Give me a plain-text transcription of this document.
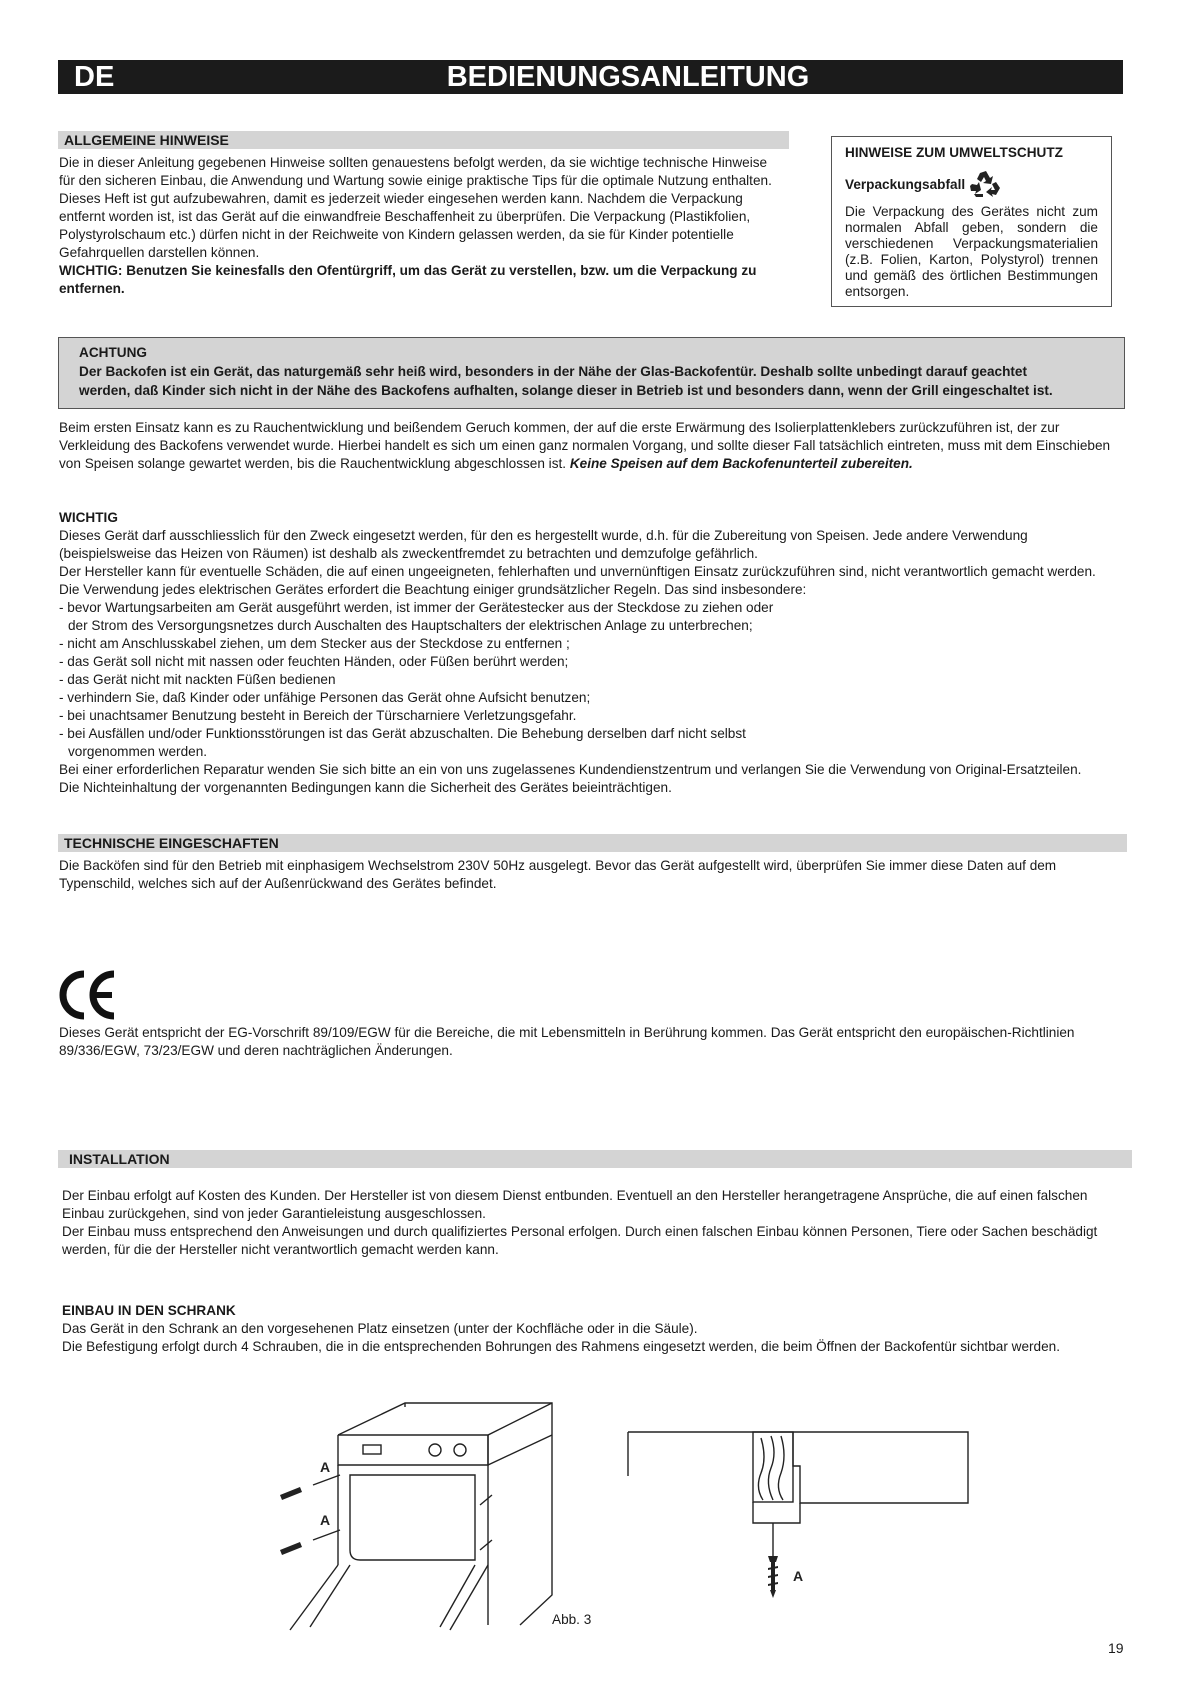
DE	BEDIENUNGSANLEITUNG
ALLGEMEINE HINWEISE

Die in dieser Anleitung gegebenen Hinweise sollten genauestens befolgt werden, da sie wichtige technische Hinweise

für den sicheren Einbau, die Anwendung und Wartung sowie einige praktische Tips für die optimale Nutzung enthalten.

Dieses Heft ist gut aufzubewahren, damit es jederzeit wieder eingesehen werden kann. Nachdem die Verpackung

entfernt worden ist, ist das Gerät auf die einwandfreie Beschaffenheit zu überprüfen. Die Verpackung (Plastikfolien,

Polystyrolschaum etc.) dürfen nicht in der Reichweite von Kindern gelassen werden, da sie für Kinder potentielle

Gefahrquellen darstellen können.

WICHTIG: Benutzen Sie keinesfalls den Ofentürgriff, um das Gerät zu verstellen, bzw. um die Verpackung zu

entfernen.

HINWEISE ZUM UMWELTSCHUTZ
Verpackungsabfall
Die Verpackung des Gerätes nicht zum normalen Abfall geben, sondern die verschiedenen Verpackungsmaterialien (z.B. Folien, Karton, Polystyrol) trennen und gemäß des örtlichen Bestimmungen entsorgen.
ACHTUNG
Der Backofen ist ein Gerät, das naturgemäß sehr heiß wird, besonders in der Nähe der Glas-Backofentür. Deshalb sollte unbedingt darauf geachtet
werden, daß Kinder sich nicht in der Nähe des Backofens aufhalten, solange dieser in Betrieb ist und besonders dann, wenn der Grill eingeschaltet ist.

Beim ersten Einsatz kann es zu Rauchentwicklung und beißendem Geruch kommen, der auf die erste Erwärmung des Isolierplattenklebers zurückzuführen ist, der zur

Verkleidung des Backofens verwendet wurde. Hierbei handelt es sich um einen ganz normalen Vorgang, und sollte dieser Fall tatsächlich eintreten, muss mit dem Einschieben

von Speisen solange gewartet werden, bis die Rauchentwicklung abgeschlossen ist. Keine Speisen auf dem Backofenunterteil zubereiten.

WICHTIG

Dieses Gerät darf ausschliesslich für den Zweck eingesetzt werden, für den es hergestellt wurde, d.h. für die Zubereitung von Speisen. Jede andere Verwendung

(beispielsweise das Heizen von Räumen) ist deshalb als zweckentfremdet zu betrachten und demzufolge gefährlich.

Der Hersteller kann für eventuelle Schäden, die auf einen ungeeigneten, fehlerhaften und unvernünftigen Einsatz zurückzuführen sind, nicht verantwortlich gemacht werden.

Die Verwendung jedes elektrischen Gerätes erfordert die Beachtung einiger grundsätzlicher Regeln. Das sind insbesondere:

- bevor Wartungsarbeiten am Gerät ausgeführt werden, ist immer der Gerätestecker aus der Steckdose zu ziehen oder

der Strom des Versorgungsnetzes durch Auschalten des Hauptschalters der elektrischen Anlage zu unterbrechen;

- nicht am Anschlusskabel ziehen, um dem Stecker aus der Steckdose zu entfernen ;

- das Gerät soll nicht mit nassen oder feuchten Händen, oder Füßen berührt werden;

- das Gerät nicht mit nackten Füßen bedienen

- verhindern Sie, daß Kinder oder unfähige Personen das Gerät ohne Aufsicht benutzen;

- bei unachtsamer Benutzung besteht in Bereich der Türscharniere Verletzungsgefahr.

- bei Ausfällen und/oder Funktionsstörungen ist das Gerät abzuschalten. Die Behebung derselben darf nicht selbst

vorgenommen werden.

Bei einer erforderlichen Reparatur wenden Sie sich bitte an ein von uns zugelassenes Kundendienstzentrum und verlangen Sie die Verwendung von Original-Ersatzteilen.

Die Nichteinhaltung der vorgenannten Bedingungen kann die Sicherheit des Gerätes beieinträchtigen.

TECHNISCHE EINGESCHAFTEN

Die Backöfen sind für den Betrieb mit einphasigem Wechselstrom 230V 50Hz ausgelegt. Bevor das Gerät aufgestellt wird, überprüfen Sie immer diese Daten auf dem

Typenschild, welches sich auf der Außenrückwand des Gerätes befindet.

Dieses Gerät entspricht der EG-Vorschrift 89/109/EGW für die Bereiche, die mit Lebensmitteln in Berührung kommen. Das Gerät entspricht den europäischen-Richtlinien

89/336/EGW, 73/23/EGW und deren nachträglichen Änderungen.

INSTALLATION

Der Einbau erfolgt auf Kosten des Kunden. Der Hersteller ist von diesem Dienst entbunden. Eventuell an den Hersteller herangetragene Ansprüche, die auf einen falschen

Einbau zurückgehen, sind von jeder Garantieleistung ausgeschlossen.

Der Einbau muss entsprechend den Anweisungen und durch qualifiziertes Personal erfolgen. Durch einen falschen Einbau können Personen, Tiere oder Sachen beschädigt

werden, für die der Hersteller nicht verantwortlich gemacht werden kann.

EINBAU IN DEN SCHRANK

Das Gerät in den Schrank an den vorgesehenen Platz einsetzen (unter der Kochfläche oder in die Säule).

Die Befestigung erfolgt durch 4 Schrauben, die in die entsprechenden Bohrungen des Rahmens eingesetzt werden, die beim Öffnen der Backofentür sichtbar werden.

A
A
A
Abb. 3
19
